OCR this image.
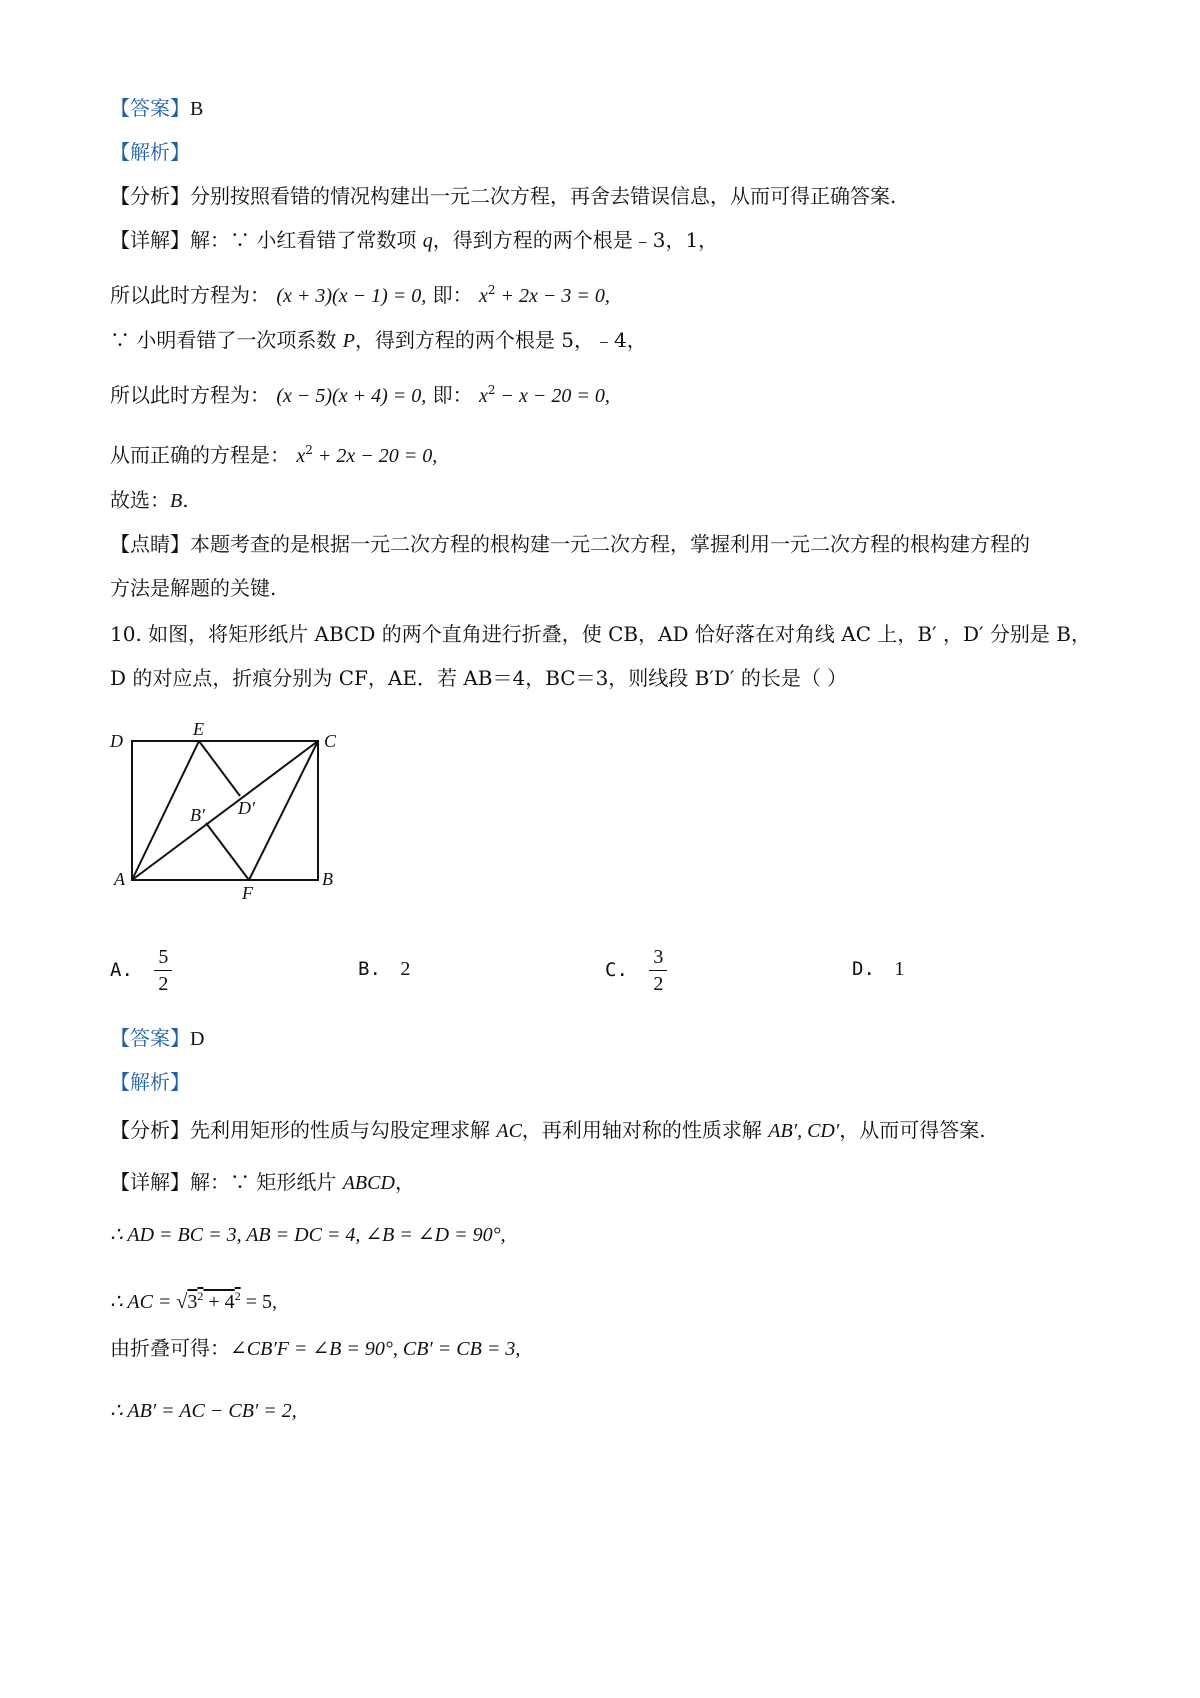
【答案】B
【解析】
【分析】分别按照看错的情况构建出一元二次方程，再舍去错误信息，从而可得正确答案.
【详解】解：∵ 小红看错了常数项 q，得到方程的两个根是﹣3，1，
所以此时方程为： (x + 3)(x − 1) = 0, 即： $x^2 + 2x - 3 = 0$,
∵ 小明看错了一次项系数 P，得到方程的两个根是 5，﹣4，
所以此时方程为： (x − 5)(x + 4) = 0, 即： $x^2 - x - 20 = 0$,
从而正确的方程是： $x^2 + 2x - 20 = 0$,
故选：B.
【点睛】本题考查的是根据一元二次方程的根构建一元二次方程，掌握利用一元二次方程的根构建方程的
方法是解题的关键.
10. 如图，将矩形纸片 ABCD 的两个直角进行折叠，使 CB，AD 恰好落在对角线 AC 上，B′ ，D′ 分别是 B，
D 的对应点，折痕分别为 CF，AE．若 AB＝4，BC＝3，则线段 B′D′ 的长是（ ）
D
E
C
B′ D′
A
F
B
A. $\frac{5}{2}$	B. 2	C. $\frac{3}{2}$	D. 1
【答案】D
【解析】
【分析】先利用矩形的性质与勾股定理求解 AC，再利用轴对称的性质求解 AB′, CD′，从而可得答案.
【详解】解：∵ 矩形纸片 ABCD，
∴ AD = BC = 3, AB = DC = 4, ∠B = ∠D = 90°,
∴ AC = $√3^2 + 4^2 = 5$,
由折叠可得：∠CB′F = ∠B = 90°, CB′ = CB = 3,
∴ AB′ = AC − CB′ = 2,
